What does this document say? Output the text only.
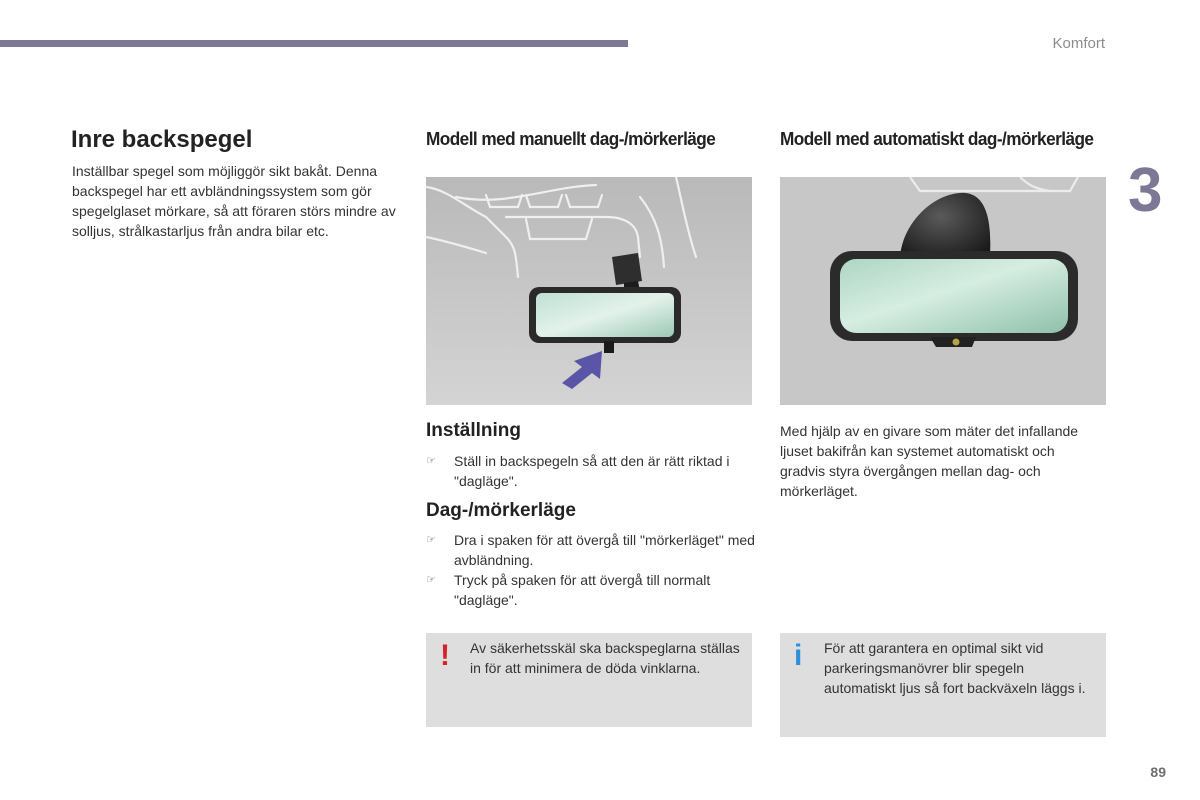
Komfort
3
Inre backspegel

Inställbar spegel som möjliggör sikt bakåt. Denna backspegel har ett avbländningssystem som gör spegelglaset mörkare, så att föraren störs mindre av solljus, strålkastarljus från andra bilar etc.

Modell med manuellt dag-/mörkerläge	Modell med automatiskt dag-/mörkerläge
Inställning
☞ Ställ in backspegeln så att den är rätt riktad i "dagläge".
Dag-/mörkerläge
☞ Dra i spaken för att övergå till "mörkerläget" med avbländning.
☞ Tryck på spaken för att övergå till normalt "dagläge".

Med hjälp av en givare som mäter det infallande ljuset bakifrån kan systemet automatiskt och gradvis styra övergången mellan dag- och mörkerläget.

! Av säkerhetsskäl ska backspeglarna ställas in för att minimera de döda vinklarna.	i För att garantera en optimal sikt vid parkeringsmanövrer blir spegeln automatiskt ljus så fort backväxeln läggs i.

89
